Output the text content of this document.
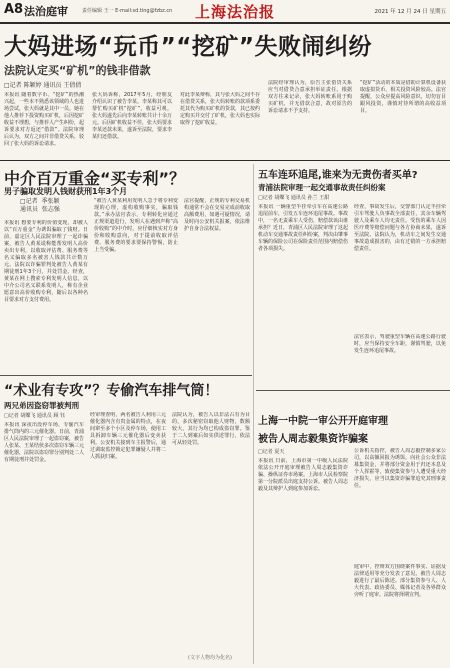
A8 法治庭审	责任编辑 王一 E-mail:sd.ting@fzbz.cn 上海法治报	2021 年 12 月 24 日 星期五
大妈进场“玩币”“挖矿”失败闹纠纷
法院认定买“矿机”的钱非借款
□记者 陈颖婷 通讯员 王倩倩
本报讯 随着数字币、“挖矿”的热潮兴起，一些本不熟悉该领域的人也进场尝试，张大妈就是其中一员。她在他人推荐下投资购买矿机，后因挖矿收益不理想，与推荐人产生纠纷，起诉要求对方返还“借款”。法院审理后认为，双方之间并非借贷关系，驳回了张大妈的诉讼请求。
张大妈诉称，2017年5月，经朋友介绍认识了被告李某。李某称其可以帮忙购买矿机“挖矿”，收益可观。张大妈遂先后向李某转账共计十余万元。后因矿机收益不佳，张大妈要求李某还款未果，遂诉至法院，要求李某归还借款。
对此李某辩称，其与张大妈之间不存在借贷关系，张大妈转账的款项系委托其代为购买矿机的货款，其已按约定购买并交付了矿机，张大妈也实际取得了挖矿收益。
法院经审理认为，原告主张借贷关系应当对借贷合意承担举证责任。根据双方往来记录，张大妈转账系用于购买矿机，并无借款合意，故对原告的诉讼请求不予支持。
“挖矿”活动的本质是借助计算机设备获取虚拟货币，相关投资风险较高。法官提醒，公众应提高风险意识，切勿盲目跟风投资，谨慎对待所谓的高收益项目。
中介百万重金“买专利”？
男子骗取发明人钱财获刑1年3个月
□记者  季张颖
通讯员  张志强
本报讯 想要专利的价值变现，却被人以“百万重金”为诱饵骗取了钱财。日前，嘉定区人民法院审理了一起诈骗案，被告人黄某谎称能帮发明人高价卖出专利，以收取评估费、服务费等名义骗取多名被害人钱款共计数万元。法院以诈骗罪判处被告人黄某有期徒刑1年3个月，并处罚金。经查，黄某在网上搜索专利发明人信息，以中介公司名义联系发明人，称有企业愿意出高价收购专利，随后以各种名目要求对方支付费用。
“被告人黄某利用发明人急于将专利变现的心理，虚构收购事实，骗取钱款。”承办法官表示，专利转化应通过正规渠道进行，发明人在遇到声称“高价收购”的中介时，应仔细核实对方身份和收购意向，对于提前收取评估费、服务费的要求要保持警惕，防止上当受骗。
法官提醒，正规的专利交易机构通常不会在交易完成前收取高额费用，如遇可疑情况，请及时向公安机关报案，依法维护自身合法权益。
五车连环追尾,谁来为无责伤者买单?
青浦法院审理一起交通事故责任纠纷案
□记者 胡蝶飞 通讯员 孙兰 王甜
本报讯 一辆重型半挂牵引车在高速公路追尾前车，引发五车连环追尾事故。事故中，一名无责乘车人受伤，赔偿款该由谁承担？近日，青浦区人民法院审理了这起机动车交通事故责任纠纷案，判决由肇事车辆的保险公司在保险责任范围内赔偿伤者各项损失。
经查，事故发生后，交警部门认定半挂牵引车驾驶人负事故全部责任，其余车辆驾驶人及乘车人均无责任。受伤的乘车人因医疗费等赔偿问题与各方协商未果，遂诉至法院。法院认为，机动车之间发生交通事故造成损害的，由有过错的一方承担赔偿责任。
法官表示，驾驶重型车辆在高速公路行驶时，应当保持安全车距，谨慎驾驶，以免发生连环追尾事故。
“术业有专攻”？专偷汽车排气筒！
两兄弟因盗窃罪被判刑
□记者 胡蝶飞 通讯员 顾 钰
本报讯 深夜出没停车场，专偷汽车排气筒内的三元催化器。日前，青浦区人民法院审理了一起盗窃案，被告人张某、王某结伙多次盗窃车辆三元催化器，法院以盗窃罪分别判处二人有期徒刑并处罚金。
经审理查明，两名被告人利用三元催化器内含有贵金属的特点，在夜间窜至多个小区及停车场，使用工具拆卸车辆三元催化器后变卖获利。公安机关接到车主报警后，通过调取监控锁定犯罪嫌疑人并将二人抓获归案。
法院认为，被告人以非法占有为目的，多次秘密窃取他人财物，数额较大，其行为均已构成盗窃罪。鉴于二人到案后如实供述罪行，依法可从轻处罚。
(文字人物均为化名)
上海一中院一审公开开庭审理
被告人周志毅集资诈骗案
□记者 夏天
本报讯 日前，上海市第一中级人民法院依法公开开庭审理被告人周志毅集资诈骗、操纵证券市场案。上海市人民检察院第一分院派员出庭支持公诉。被告人周志毅及其辩护人到庭参加诉讼。
公诉机关指控，被告人周志毅控制多家公司，以高额回报为诱饵，向社会公众非法募集资金，并将部分资金用于归还本息及个人挥霍等，致使集资参与人遭受重大经济损失，应当以集资诈骗罪追究其刑事责任。
庭审中，控辩双方围绕案件事实、证据及法律适用等充分发表了意见。被告人周志毅进行了最后陈述。部分集资参与人、人大代表、政协委员、媒体记者及各界群众旁听了庭审。法院将择期宣判。
